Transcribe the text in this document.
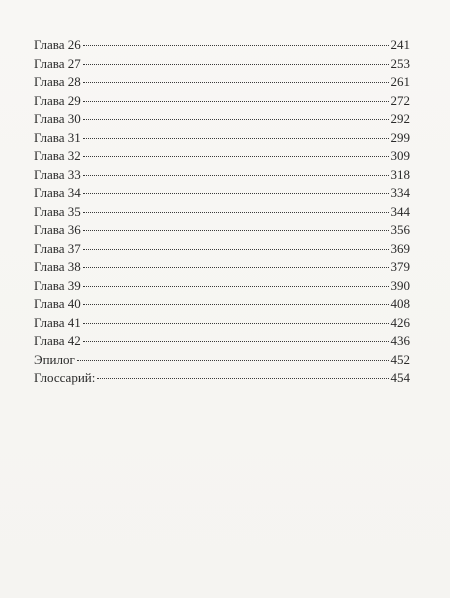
Глава 26	241
Глава 27	253
Глава 28	261
Глава 29	272
Глава 30	292
Глава 31	299
Глава 32	309
Глава 33	318
Глава 34	334
Глава 35	344
Глава 36	356
Глава 37	369
Глава 38	379
Глава 39	390
Глава 40	408
Глава 41	426
Глава 42	436
Эпилог	452
Глоссарий:	454
